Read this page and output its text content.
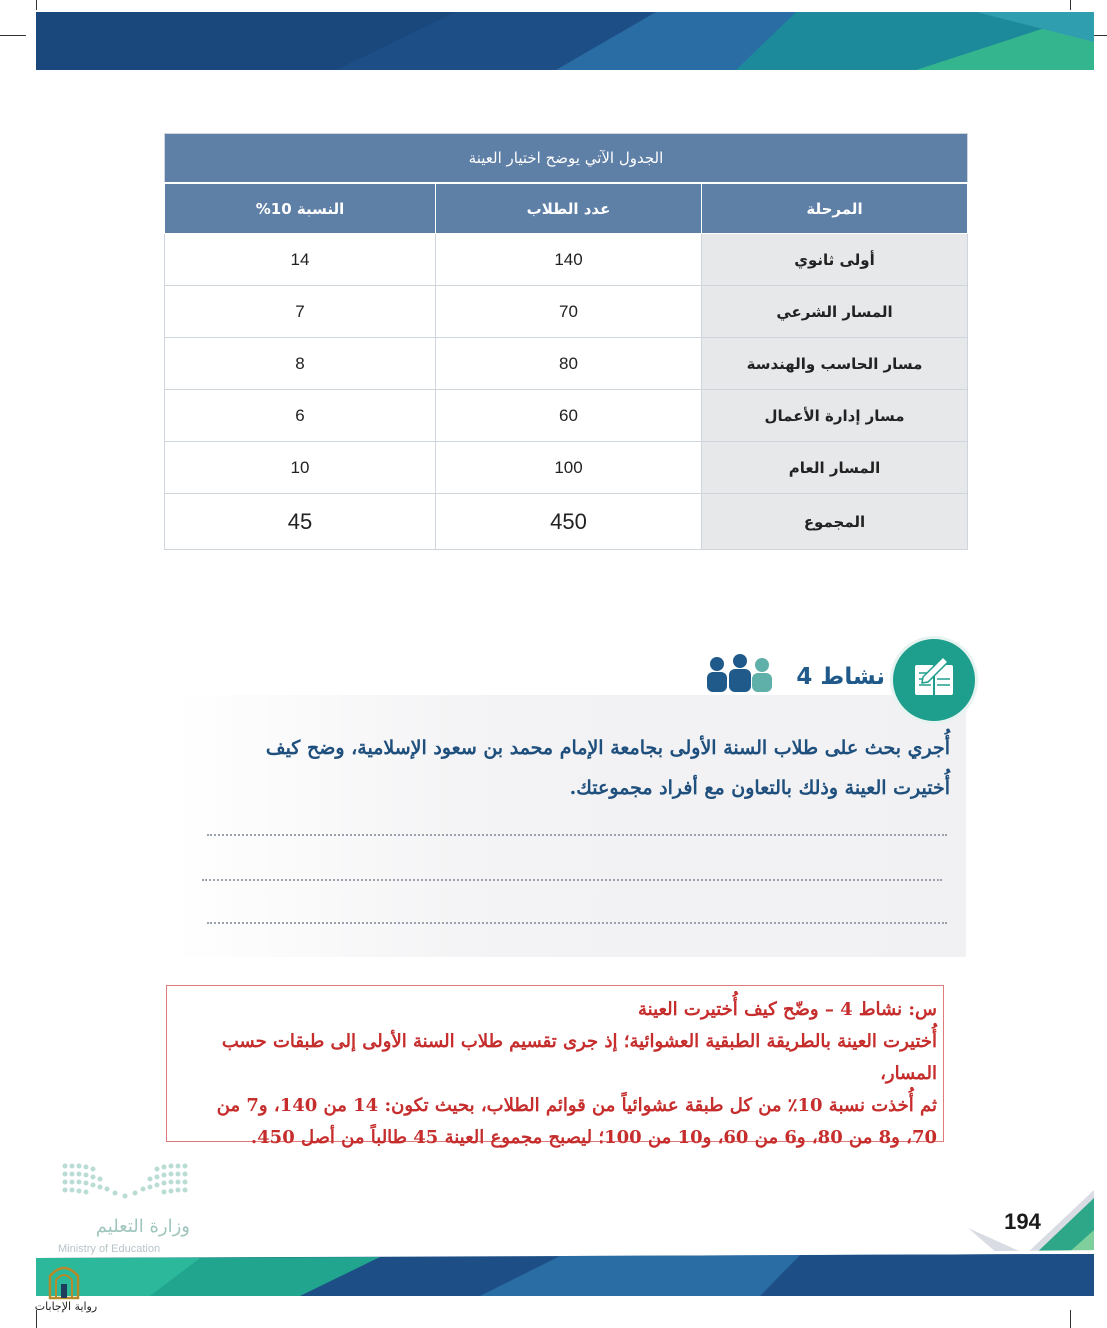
الجدول الآتي يوضح اختيار العينة		
المرحلة	عدد الطلاب	النسبة 10%
أولى ثانوي	140	14
المسار الشرعي	70	7
مسار الحاسب والهندسة	80	8
مسار إدارة الأعمال	60	6
المسار العام	100	10
المجموع	450	45
نشاط 4
أُجري بحث على طلاب السنة الأولى بجامعة الإمام محمد بن سعود الإسلامية، وضح كيف
أُختيرت العينة وذلك بالتعاون مع أفراد مجموعتك.
س: نشاط 4 – وضّح كيف أُختيرت العينة
أُختيرت العينة بالطريقة الطبقية العشوائية؛ إذ جرى تقسيم طلاب السنة الأولى إلى طبقات حسب المسار،
ثم أُخذت نسبة 10٪ من كل طبقة عشوائياً من قوائم الطلاب، بحيث تكون: 14 من 140، و7 من
70، و8 من 80، و6 من 60، و10 من 100؛ ليصبح مجموع العينة 45 طالباً من أصل 450.
وزارة التعليم
Ministry of Education
194
رواية الإجابات
